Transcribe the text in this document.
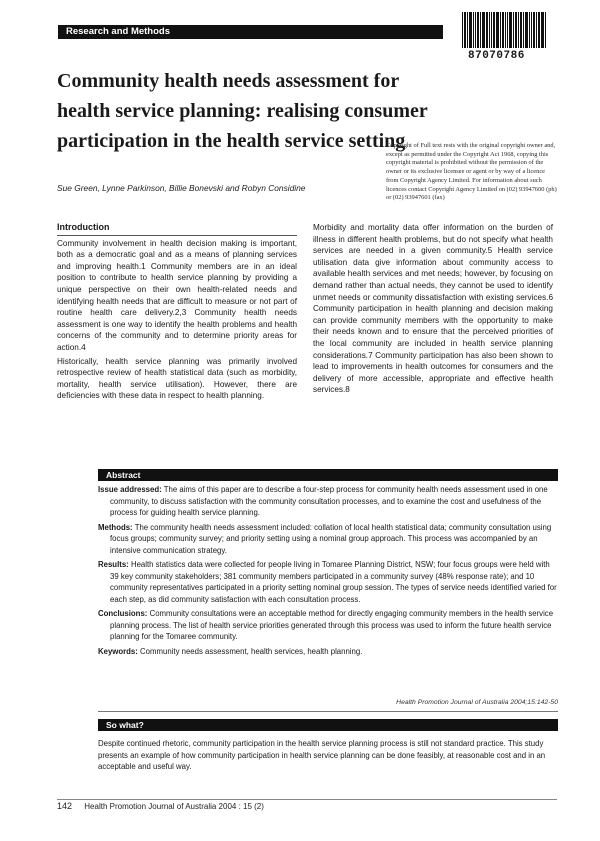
Research and Methods
87070786
Community health needs assessment for health service planning: realising consumer participation in the health service setting
Copyright of Full text rests with the original copyright owner and, except as permitted under the Copyright Act 1968, copying this copyright material is prohibited without the permission of the owner or its exclusive licensee or agent or by way of a licence from Copyright Agency Limited. For information about such licences contact Copyright Agency Limited on (02) 93947600 (ph) or (02) 93947601 (fax)
Sue Green, Lynne Parkinson, Billie Bonevski and Robyn Considine
Introduction

Community involvement in health decision making is important, both as a democratic goal and as a means of planning services and improving health.1 Community members are in an ideal position to contribute to health service planning by providing a unique perspective on their own health-related needs and identifying health needs that are difficult to measure or not part of routine health care delivery.2,3 Community health needs assessment is one way to identify the health problems and health concerns of the community and to determine priority areas for action.4

Historically, health service planning was primarily involved retrospective review of health statistical data (such as morbidity, mortality, health service utilisation). However, there are deficiencies with these data in respect to health planning.

Morbidity and mortality data offer information on the burden of illness in different health problems, but do not specify what health services are needed in a given community.5 Health service utilisation data give information about community access to available health services and met needs; however, by focusing on demand rather than actual needs, they cannot be used to identify unmet needs or community dissatisfaction with existing services.6 Community participation in health planning and decision making can provide community members with the opportunity to make their needs known and to ensure that the perceived priorities of the local community are included in health service planning considerations.7 Community participation has also been shown to lead to improvements in health outcomes for consumers and the delivery of more accessible, appropriate and effective health services.8

Abstract

Issue addressed: The aims of this paper are to describe a four-step process for community health needs assessment used in one community, to discuss satisfaction with the community consultation processes, and to examine the cost and usefulness of the process for guiding health service planning.

Methods: The community health needs assessment included: collation of local health statistical data; community consultation using focus groups; community survey; and priority setting using a nominal group approach. This process was accompanied by an intensive communication strategy.

Results: Health statistics data were collected for people living in Tomaree Planning District, NSW; four focus groups were held with 39 key community stakeholders; 381 community members participated in a community survey (48% response rate); and 10 community representatives participated in a priority setting nominal group session. The types of service needs identified varied for each step, as did community satisfaction with each consultation process.

Conclusions: Community consultations were an acceptable method for directly engaging community members in the health service planning process. The list of health service priorities generated through this process was used to inform the future health service planning for the Tomaree community.

Keywords: Community needs assessment, health services, health planning.

Health Promotion Journal of Australia 2004;15:142-50
So what?
Despite continued rhetoric, community participation in the health service planning process is still not standard practice. This study presents an example of how community participation in health service planning can be done feasibly, at reasonable cost and in an acceptable and useful way.
142 Health Promotion Journal of Australia 2004 : 15 (2)
